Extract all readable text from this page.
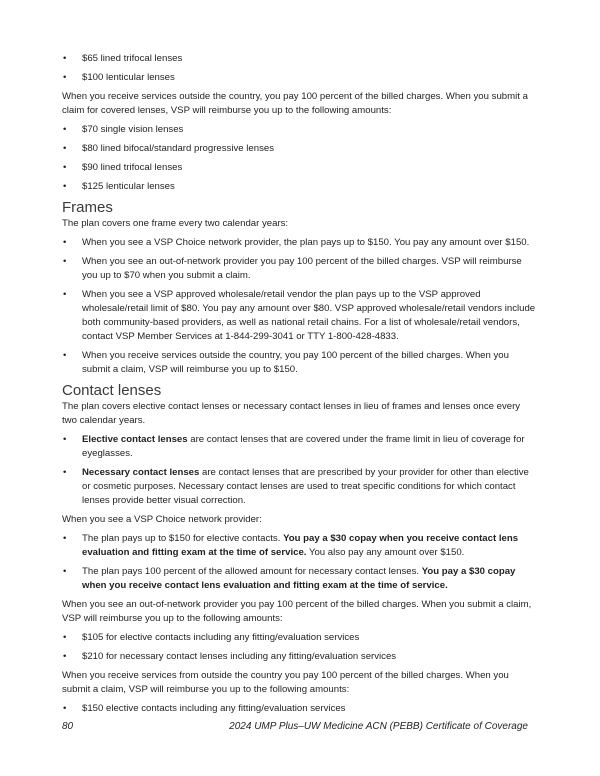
• $65 lined trifocal lenses
• $100 lenticular lenses

When you receive services outside the country, you pay 100 percent of the billed charges. When you submit a claim for covered lenses, VSP will reimburse you up to the following amounts:

• $70 single vision lenses
• $80 lined bifocal/standard progressive lenses
• $90 lined trifocal lenses
• $125 lenticular lenses
Frames

The plan covers one frame every two calendar years:

• When you see a VSP Choice network provider, the plan pays up to $150. You pay any amount over $150.
• When you see an out-of-network provider you pay 100 percent of the billed charges. VSP will reimburse you up to $70 when you submit a claim.
• When you see a VSP approved wholesale/retail vendor the plan pays up to the VSP approved wholesale/retail limit of $80. You pay any amount over $80. VSP approved wholesale/retail vendors include both community-based providers, as well as national retail chains. For a list of wholesale/retail vendors, contact VSP Member Services at 1-844-299-3041 or TTY 1-800-428-4833.
• When you receive services outside the country, you pay 100 percent of the billed charges. When you submit a claim, VSP will reimburse you up to $150.
Contact lenses

The plan covers elective contact lenses or necessary contact lenses in lieu of frames and lenses once every two calendar years.

• Elective contact lenses are contact lenses that are covered under the frame limit in lieu of coverage for eyeglasses.
• Necessary contact lenses are contact lenses that are prescribed by your provider for other than elective or cosmetic purposes. Necessary contact lenses are used to treat specific conditions for which contact lenses provide better visual correction.

When you see a VSP Choice network provider:

• The plan pays up to $150 for elective contacts. You pay a $30 copay when you receive contact lens evaluation and fitting exam at the time of service. You also pay any amount over $150.
• The plan pays 100 percent of the allowed amount for necessary contact lenses. You pay a $30 copay when you receive contact lens evaluation and fitting exam at the time of service.

When you see an out-of-network provider you pay 100 percent of the billed charges. When you submit a claim, VSP will reimburse you up to the following amounts:

• $105 for elective contacts including any fitting/evaluation services
• $210 for necessary contact lenses including any fitting/evaluation services

When you receive services from outside the country you pay 100 percent of the billed charges. When you submit a claim, VSP will reimburse you up to the following amounts:

• $150 elective contacts including any fitting/evaluation services
80	2024 UMP Plus–UW Medicine ACN (PEBB) Certificate of Coverage
